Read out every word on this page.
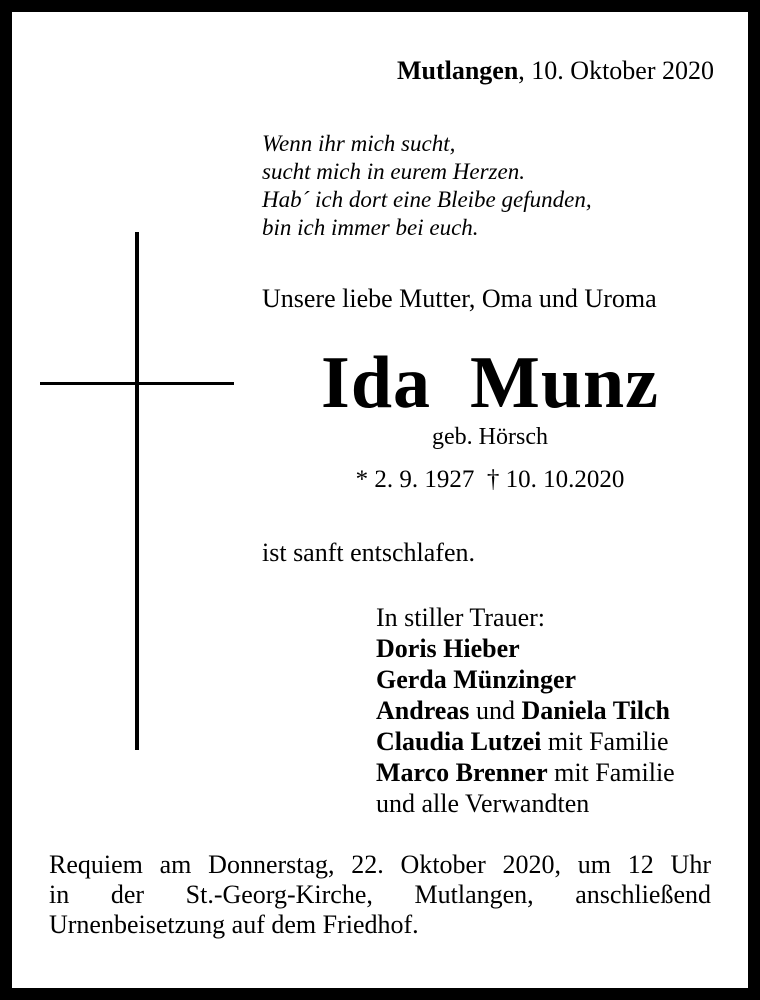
Mutlangen, 10. Oktober 2020
Wenn ihr mich sucht,
sucht mich in eurem Herzen.
Hab´ ich dort eine Bleibe gefunden,
bin ich immer bei euch.
Unsere liebe Mutter, Oma und Uroma
Ida  Munz
geb. Hörsch
* 2. 9. 1927  † 10. 10.2020
ist sanft entschlafen.
In stiller Trauer:
Doris Hieber
Gerda Münzinger
Andreas und Daniela Tilch
Claudia Lutzei mit Familie
Marco Brenner mit Familie
und alle Verwandten
Requiem am Donnerstag, 22. Oktober 2020, um 12 Uhr
in der St.-Georg-Kirche, Mutlangen, anschließend
Urnenbeisetzung auf dem Friedhof.
